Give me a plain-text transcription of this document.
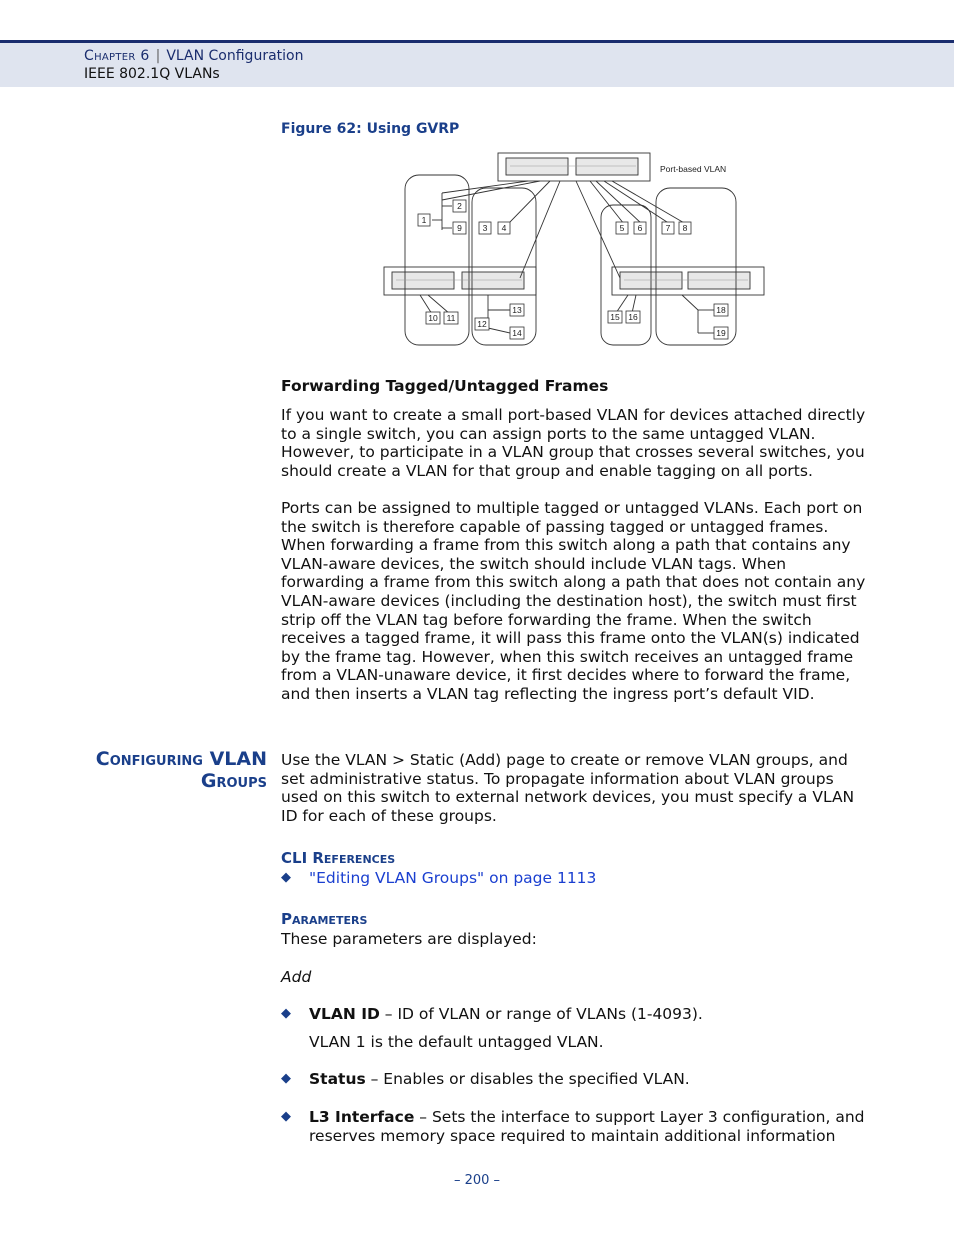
Chapter 6 | VLAN Configuration
IEEE 802.1Q VLANs
Figure 62: Using GVRP
1
2
9 3 4	5 6	7 8
10 11
12
13
14
15 16
18
19
Port-based VLAN
Forwarding Tagged/Untagged Frames
If you want to create a small port-based VLAN for devices attached directly to a single switch, you can assign ports to the same untagged VLAN. However, to participate in a VLAN group that crosses several switches, you should create a VLAN for that group and enable tagging on all ports.
Ports can be assigned to multiple tagged or untagged VLANs. Each port on the switch is therefore capable of passing tagged or untagged frames. When forwarding a frame from this switch along a path that contains any VLAN-aware devices, the switch should include VLAN tags. When forwarding a frame from this switch along a path that does not contain any VLAN-aware devices (including the destination host), the switch must first strip off the VLAN tag before forwarding the frame. When the switch receives a tagged frame, it will pass this frame onto the VLAN(s) indicated by the frame tag. However, when this switch receives an untagged frame from a VLAN-unaware device, it first decides where to forward the frame, and then inserts a VLAN tag reflecting the ingress port’s default VID.
Configuring VLAN
Groups
Use the VLAN > Static (Add) page to create or remove VLAN groups, and set administrative status. To propagate information about VLAN groups used on this switch to external network devices, you must specify a VLAN ID for each of these groups.
CLI References
◆ "Editing VLAN Groups" on page 1113
Parameters
These parameters are displayed:
Add
◆ VLAN ID – ID of VLAN or range of VLANs (1-4093).
VLAN 1 is the default untagged VLAN.
◆ Status – Enables or disables the specified VLAN.
◆ L3 Interface – Sets the interface to support Layer 3 configuration, and reserves memory space required to maintain additional information
– 200 –
